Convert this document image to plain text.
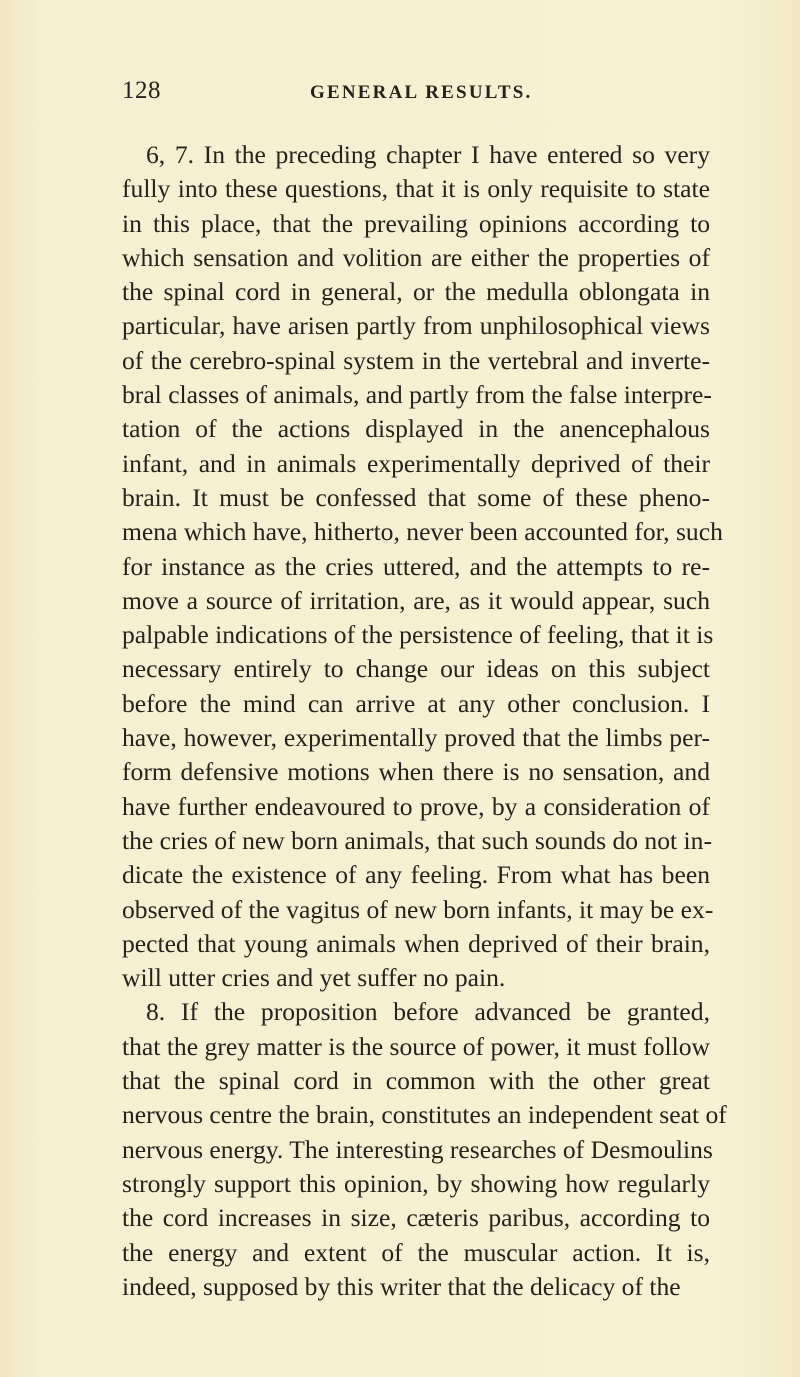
128	GENERAL RESULTS.
6, 7. In the preceding chapter I have entered so very
fully into these questions, that it is only requisite to state
in this place, that the prevailing opinions according to
which sensation and volition are either the properties of
the spinal cord in general, or the medulla oblongata in
particular, have arisen partly from unphilosophical views
of the cerebro-spinal system in the vertebral and inverte-
bral classes of animals, and partly from the false interpre-
tation of the actions displayed in the anencephalous
infant, and in animals experimentally deprived of their
brain. It must be confessed that some of these pheno-
mena which have, hitherto, never been accounted for, such
for instance as the cries uttered, and the attempts to re-
move a source of irritation, are, as it would appear, such
palpable indications of the persistence of feeling, that it is
necessary entirely to change our ideas on this subject
before the mind can arrive at any other conclusion. I
have, however, experimentally proved that the limbs per-
form defensive motions when there is no sensation, and
have further endeavoured to prove, by a consideration of
the cries of new born animals, that such sounds do not in-
dicate the existence of any feeling. From what has been
observed of the vagitus of new born infants, it may be ex-
pected that young animals when deprived of their brain,
will utter cries and yet suffer no pain.
8. If the proposition before advanced be granted,
that the grey matter is the source of power, it must follow
that the spinal cord in common with the other great
nervous centre the brain, constitutes an independent seat of
nervous energy. The interesting researches of Desmoulins
strongly support this opinion, by showing how regularly
the cord increases in size, cæteris paribus, according to
the energy and extent of the muscular action. It is,
indeed, supposed by this writer that the delicacy of the
